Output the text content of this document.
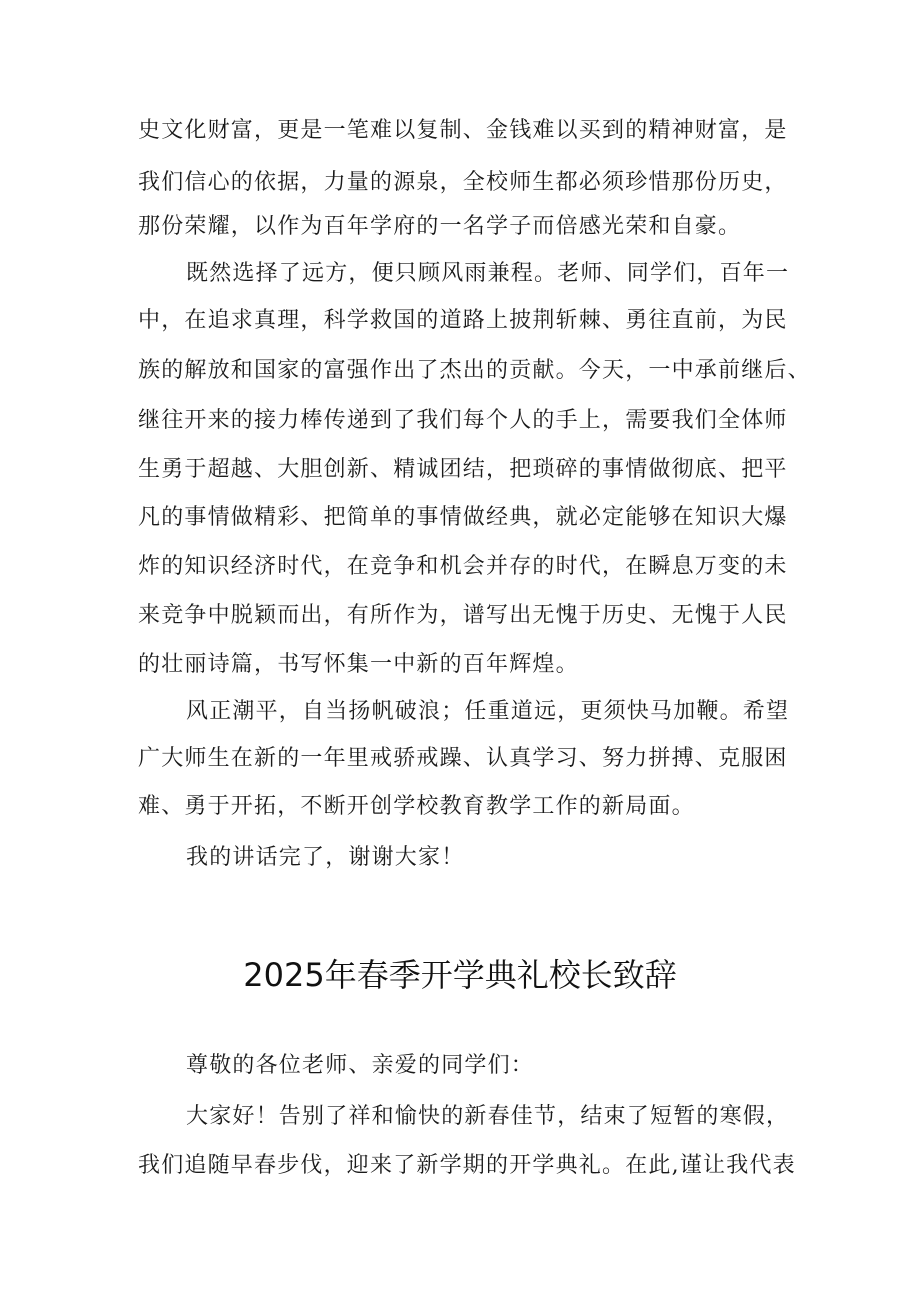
史文化财富，更是一笔难以复制、金钱难以买到的精神财富，是
我们信心的依据，力量的源泉，全校师生都必须珍惜那份历史，
那份荣耀，以作为百年学府的一名学子而倍感光荣和自豪。
既然选择了远方，便只顾风雨兼程。老师、同学们，百年一
中，在追求真理，科学救国的道路上披荆斩棘、勇往直前，为民
族的解放和国家的富强作出了杰出的贡献。今天，一中承前继后、
继往开来的接力棒传递到了我们每个人的手上，需要我们全体师
生勇于超越、大胆创新、精诚团结，把琐碎的事情做彻底、把平
凡的事情做精彩、把简单的事情做经典，就必定能够在知识大爆
炸的知识经济时代，在竞争和机会并存的时代，在瞬息万变的未
来竞争中脱颖而出，有所作为，谱写出无愧于历史、无愧于人民
的壮丽诗篇，书写怀集一中新的百年辉煌。
风正潮平，自当扬帆破浪；任重道远，更须快马加鞭。希望
广大师生在新的一年里戒骄戒躁、认真学习、努力拼搏、克服困
难、勇于开拓，不断开创学校教育教学工作的新局面。
我的讲话完了，谢谢大家！
2025年春季开学典礼校长致辞
尊敬的各位老师、亲爱的同学们：
大家好！告别了祥和愉快的新春佳节，结束了短暂的寒假，
我们追随早春步伐，迎来了新学期的开学典礼。在此,谨让我代表
